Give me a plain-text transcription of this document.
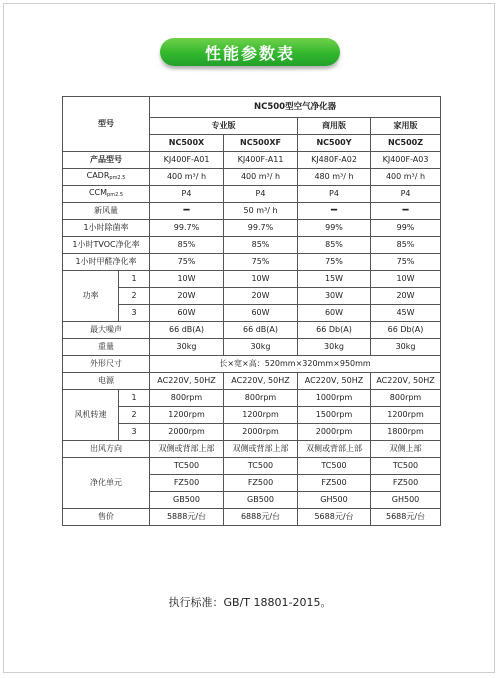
性能参数表
型号		NC500型空气净化器			
		专业版		商用版	家用版
		NC500X	NC500XF	NC500Y	NC500Z
产品型号		KJ400F-A01	KJ400F-A11	KJ480F-A02	KJ400F-A03
$CADR_{pm2.5}$		400 m³/ h	400 m³/ h	480 m³/ h	400 m³/ h
$CCM_{pm2.5}$		P4	P4	P4	P4
新风量		━	50 m³/ h	━	━
1小时除菌率		99.7%	99.7%	99%	99%
1小时TVOC净化率		85%	85%	85%	85%
1小时甲醛净化率		75%	75%	75%	75%
功率	1	10W	10W	15W	10W
	2	20W	20W	30W	20W
	3	60W	60W	60W	45W
最大噪声		66 dB(A)	66 dB(A)	66 Db(A)	66 Db(A)
重量		30kg	30kg	30kg	30kg
外形尺寸		长×宽×高：520mm×320mm×950mm			
电源		AC220V, 50HZ	AC220V, 50HZ	AC220V, 50HZ	AC220V, 50HZ
风机转速	1	800rpm	800rpm	1000rpm	800rpm
	2	1200rpm	1200rpm	1500rpm	1200rpm
	3	2000rpm	2000rpm	2000rpm	1800rpm
出风方向		双侧或背部上部	双侧或背部上部	双侧或背部上部	双侧上部
净化单元		TC500	TC500	TC500	TC500
		FZ500	FZ500	FZ500	FZ500
		GB500	GB500	GH500	GH500
售价		5888元/台	6888元/台	5688元/台	5688元/台
执行标准：GB/T 18801-2015。
